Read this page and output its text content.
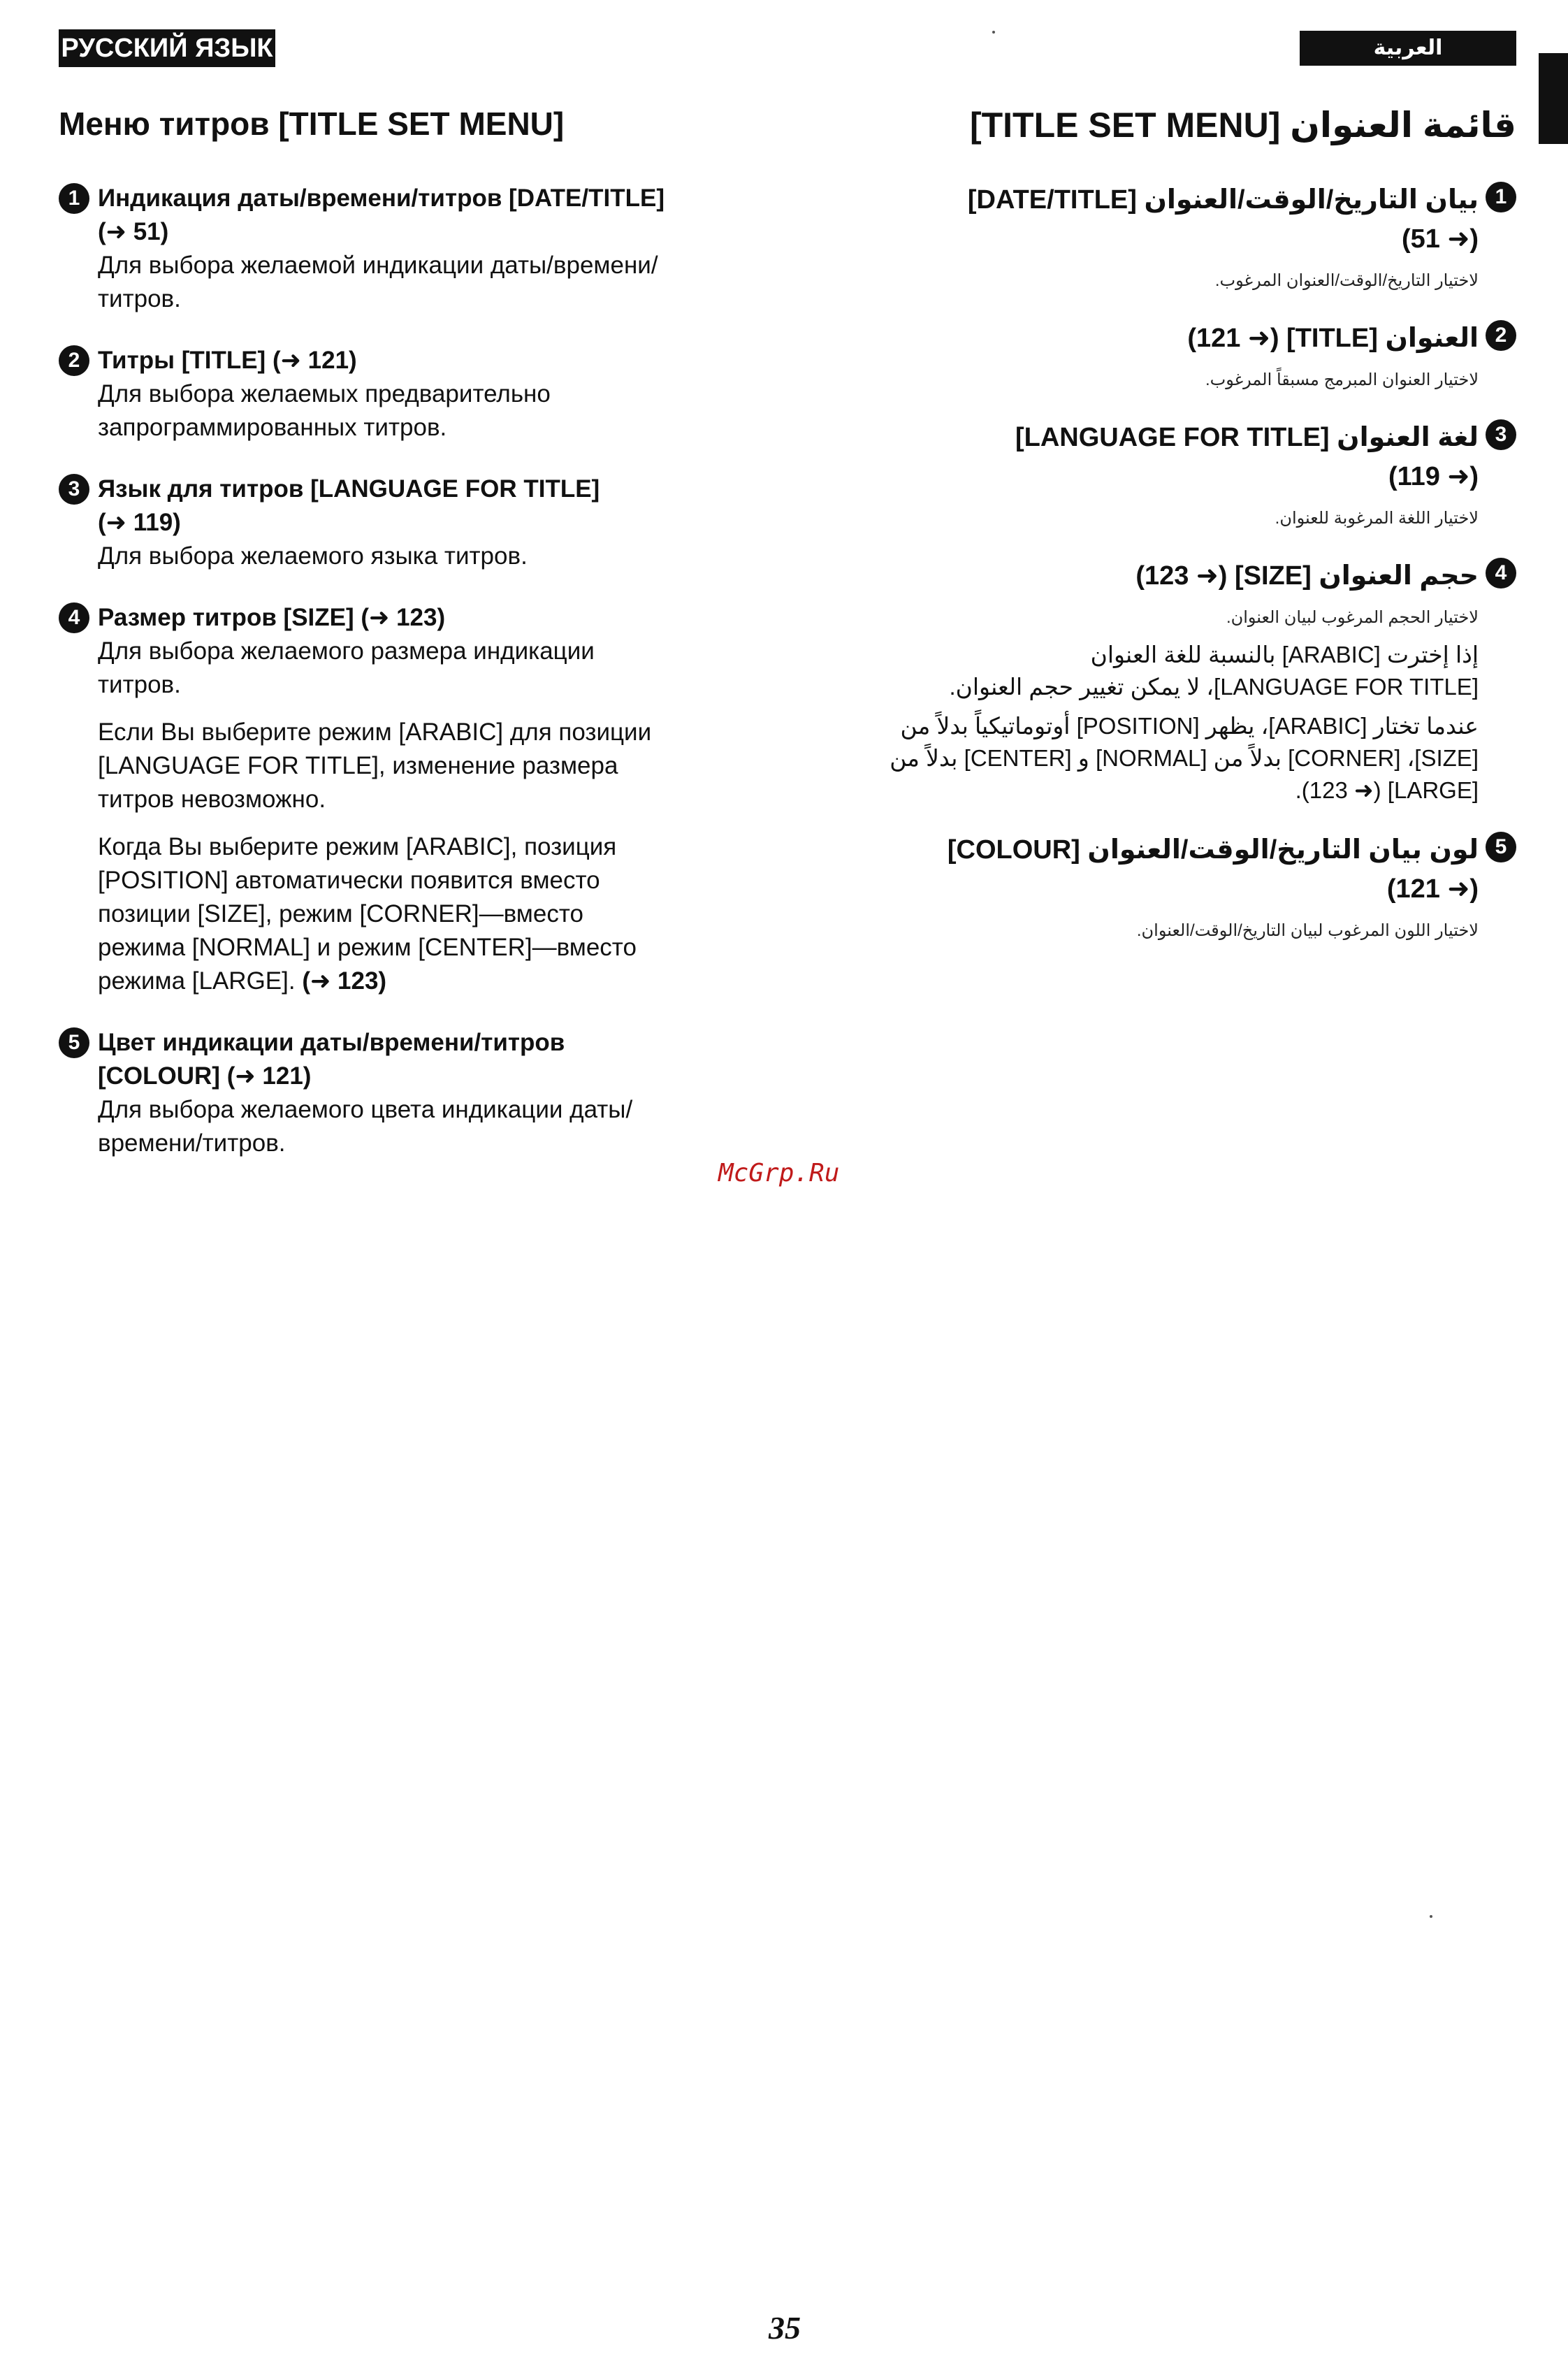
РУССКИЙ ЯЗЫК	العربية
Меню титров [TITLE SET MENU]
1 Индикация даты/времени/титров [DATE/TITLE]
(➜ 51)
Для выбора желаемой индикации даты/времени/
титров.
2 Титры [TITLE] (➜ 121)
Для выбора желаемых предварительно
запрограммированных титров.
3 Язык для титров [LANGUAGE FOR TITLE]
(➜ 119)
Для выбора желаемого языка титров.
4 Размер титров [SIZE] (➜ 123)
Для выбора желаемого размера индикации
титров.
Если Вы выберите режим [ARABIC] для позиции
[LANGUAGE FOR TITLE], изменение размера
титров невозможно.
Когда Вы выберите режим [ARABIC], позиция
[POSITION] автоматически появится вместо
позиции [SIZE], режим [CORNER]—вместо
режима [NORMAL] и режим [CENTER]—вместо
режима [LARGE]. (➜ 123)
5 Цвет индикации даты/времени/титров
[COLOUR] (➜ 121)
Для выбора желаемого цвета индикации даты/
времени/титров.
قائمة العنوان [TITLE SET MENU]
1
بيان التاريخ/الوقت/العنوان [DATE/TITLE]
(➜ 51)
لاختيار التاريخ/الوقت/العنوان المرغوب.
2
العنوان [TITLE] (➜ 121)
لاختيار العنوان المبرمج مسبقاً المرغوب.
3
لغة العنوان [LANGUAGE FOR TITLE]
(➜ 119)
لاختيار اللغة المرغوبة للعنوان.
4
حجم العنوان [SIZE] (➜ 123)
لاختيار الحجم المرغوب لبيان العنوان.
إذا إخترت [ARABIC] بالنسبة للغة العنوان
[LANGUAGE FOR TITLE]، لا يمكن تغيير حجم العنوان.
عندما تختار [ARABIC]، يظهر [POSITION] أوتوماتيكياً بدلاً من
[SIZE]، [CORNER] بدلاً من [NORMAL] و [CENTER] بدلاً من
[LARGE] (➜ 123).
5
لون بيان التاريخ/الوقت/العنوان [COLOUR]
(➜ 121)
لاختيار اللون المرغوب لبيان التاريخ/الوقت/العنوان.
McGrp.Ru
35
